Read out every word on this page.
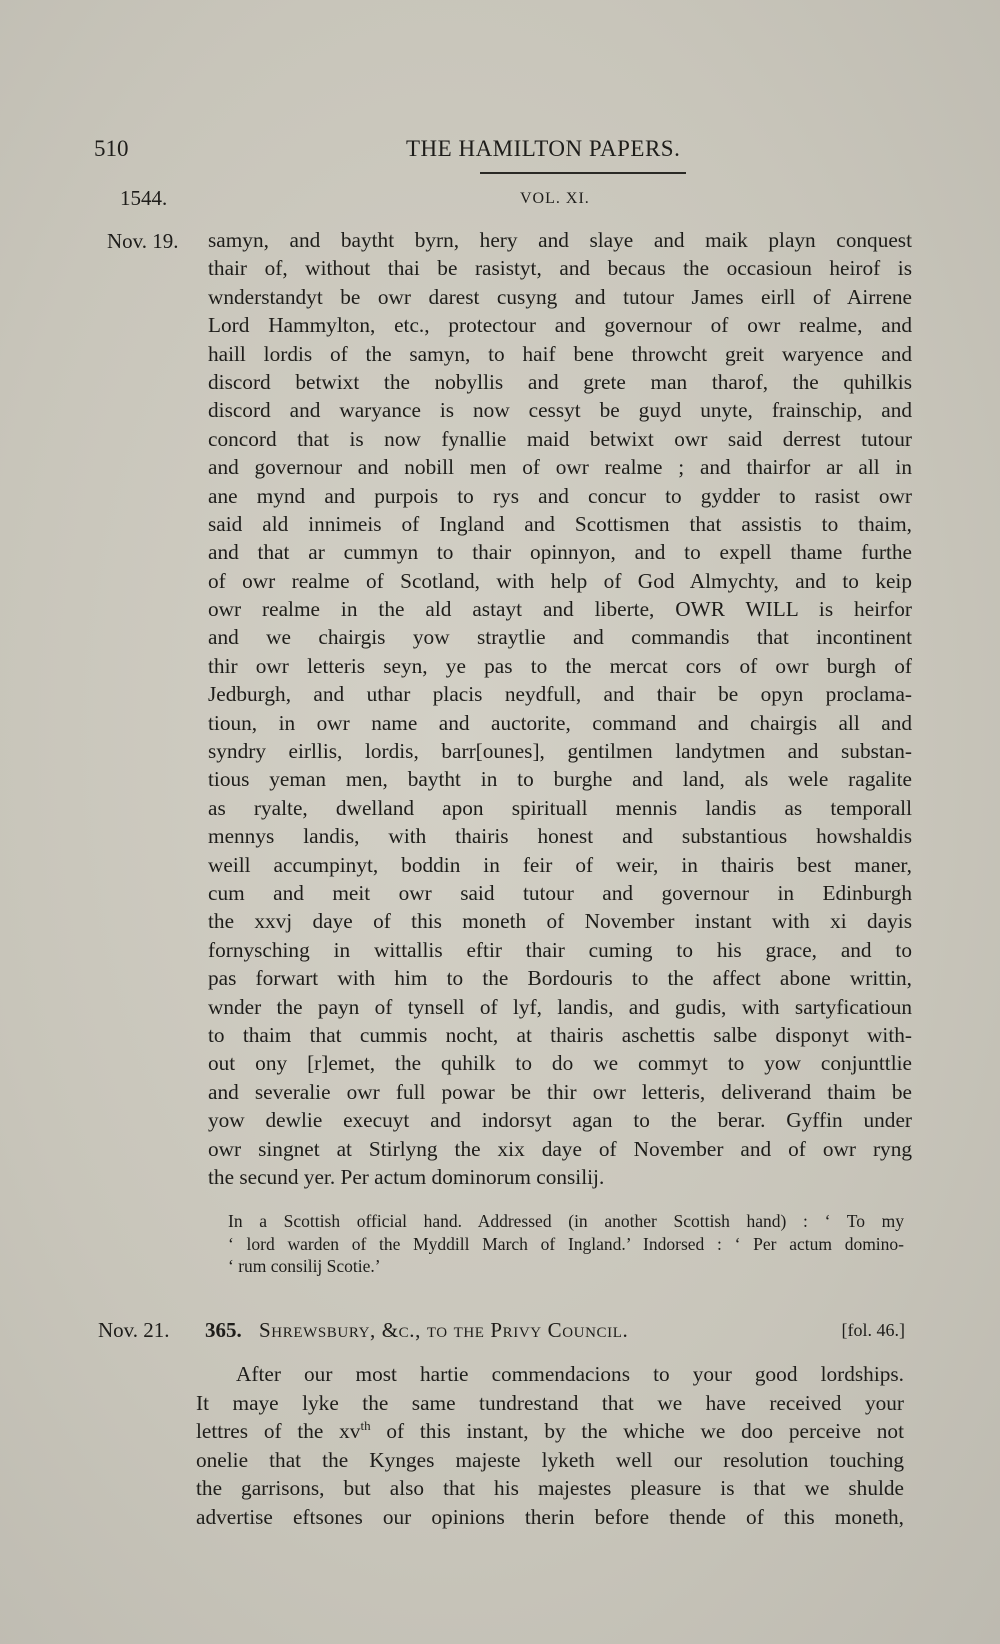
510	THE HAMILTON PAPERS.
1544.	VOL. XI.
Nov. 19. samyn, and baytht byrn, hery and slaye and maik playn conquest
thair of, without thai be rasistyt, and becaus the occasioun heirof is
wnderstandyt be owr darest cusyng and tutour James eirll of Airrene
Lord Hammylton, etc., protectour and governour of owr realme, and
haill lordis of the samyn, to haif bene throwcht greit waryence and
discord betwixt the nobyllis and grete man tharof, the quhilkis
discord and waryance is now cessyt be guyd unyte, frainschip, and
concord that is now fynallie maid betwixt owr said derrest tutour
and governour and nobill men of owr realme ; and thairfor ar all in
ane mynd and purpois to rys and concur to gydder to rasist owr
said ald innimeis of Ingland and Scottismen that assistis to thaim,
and that ar cummyn to thair opinnyon, and to expell thame furthe
of owr realme of Scotland, with help of God Almychty, and to keip
owr realme in the ald astayt and liberte, OWR WILL is heirfor
and we chairgis yow straytlie and commandis that incontinent
thir owr letteris seyn, ye pas to the mercat cors of owr burgh of
Jedburgh, and uthar placis neydfull, and thair be opyn proclama-
tioun, in owr name and auctorite, command and chairgis all and
syndry eirllis, lordis, barr[ounes], gentilmen landytmen and substan-
tious yeman men, baytht in to burghe and land, als wele ragalite
as ryalte, dwelland apon spirituall mennis landis as temporall
mennys landis, with thairis honest and substantious howshaldis
weill accumpinyt, boddin in feir of weir, in thairis best maner,
cum and meit owr said tutour and governour in Edinburgh
the xxvj daye of this moneth of November instant with xi dayis
fornysching in wittallis eftir thair cuming to his grace, and to
pas forwart with him to the Bordouris to the affect abone writtin,
wnder the payn of tynsell of lyf, landis, and gudis, with sartyficatioun
to thaim that cummis nocht, at thairis aschettis salbe disponyt with-
out ony [r]emet, the quhilk to do we commyt to yow conjunttlie
and severalie owr full powar be thir owr letteris, deliverand thaim be
yow dewlie execuyt and indorsyt agan to the berar. Gyffin under
owr singnet at Stirlyng the xix daye of November and of owr ryng
the secund yer. Per actum dominorum consilij.
In a Scottish official hand. Addressed (in another Scottish hand) : ‘ To my
‘ lord warden of the Myddill March of Ingland.’ Indorsed : ‘ Per actum domino-
‘ rum consilij Scotie.’
Nov. 21. 365. Shrewsbury, &c., to the Privy Council.	[fol. 46.]
After our most hartie commendacions to your good lordships.
It maye lyke the same tundrestand that we have received your
lettres of the $xv^{th}$ of this instant, by the whiche we doo perceive not
onelie that the Kynges majeste lyketh well our resolution touching
the garrisons, but also that his majestes pleasure is that we shulde
advertise eftsones our opinions therin before thende of this moneth,
